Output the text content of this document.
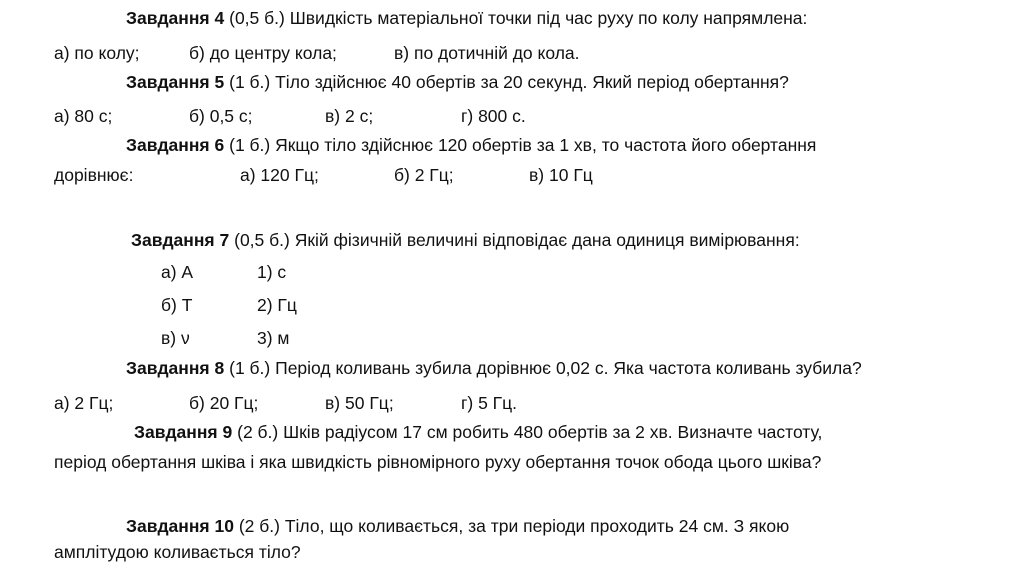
Завдання 4 (0,5 б.) Швидкість матеріальної точки під час руху по колу напрямлена:
а) по колу;	б) до центру кола;	в) по дотичній до кола.
Завдання 5 (1 б.) Тіло здійснює 40 обертів за 20 секунд. Який період обертання?
а) 80 с;	б) 0,5 с;	в) 2 с;	г) 800 с.
Завдання 6 (1 б.) Якщо тіло здійснює 120 обертів за 1 хв, то частота його обертання
дорівнює:	а) 120 Гц;	б) 2 Гц;	в) 10 Гц
Завдання 7 (0,5 б.) Якій фізичній величині відповідає дана одиниця вимірювання:
а) A	1) с
б) T	2) Гц
в) ν	3) м
Завдання 8 (1 б.) Період коливань зубила дорівнює 0,02 с. Яка частота коливань зубила?
а) 2 Гц;	б) 20 Гц;	в) 50 Гц;	г) 5 Гц.
Завдання 9 (2 б.) Шків радіусом 17 см робить 480 обертів за 2 хв. Визначте частоту,
період обертання шківа і яка швидкість рівномірного руху обертання точок обода цього шківа?
Завдання 10 (2 б.) Тіло, що коливається, за три періоди проходить 24 см. З якою
амплітудою коливається тіло?
